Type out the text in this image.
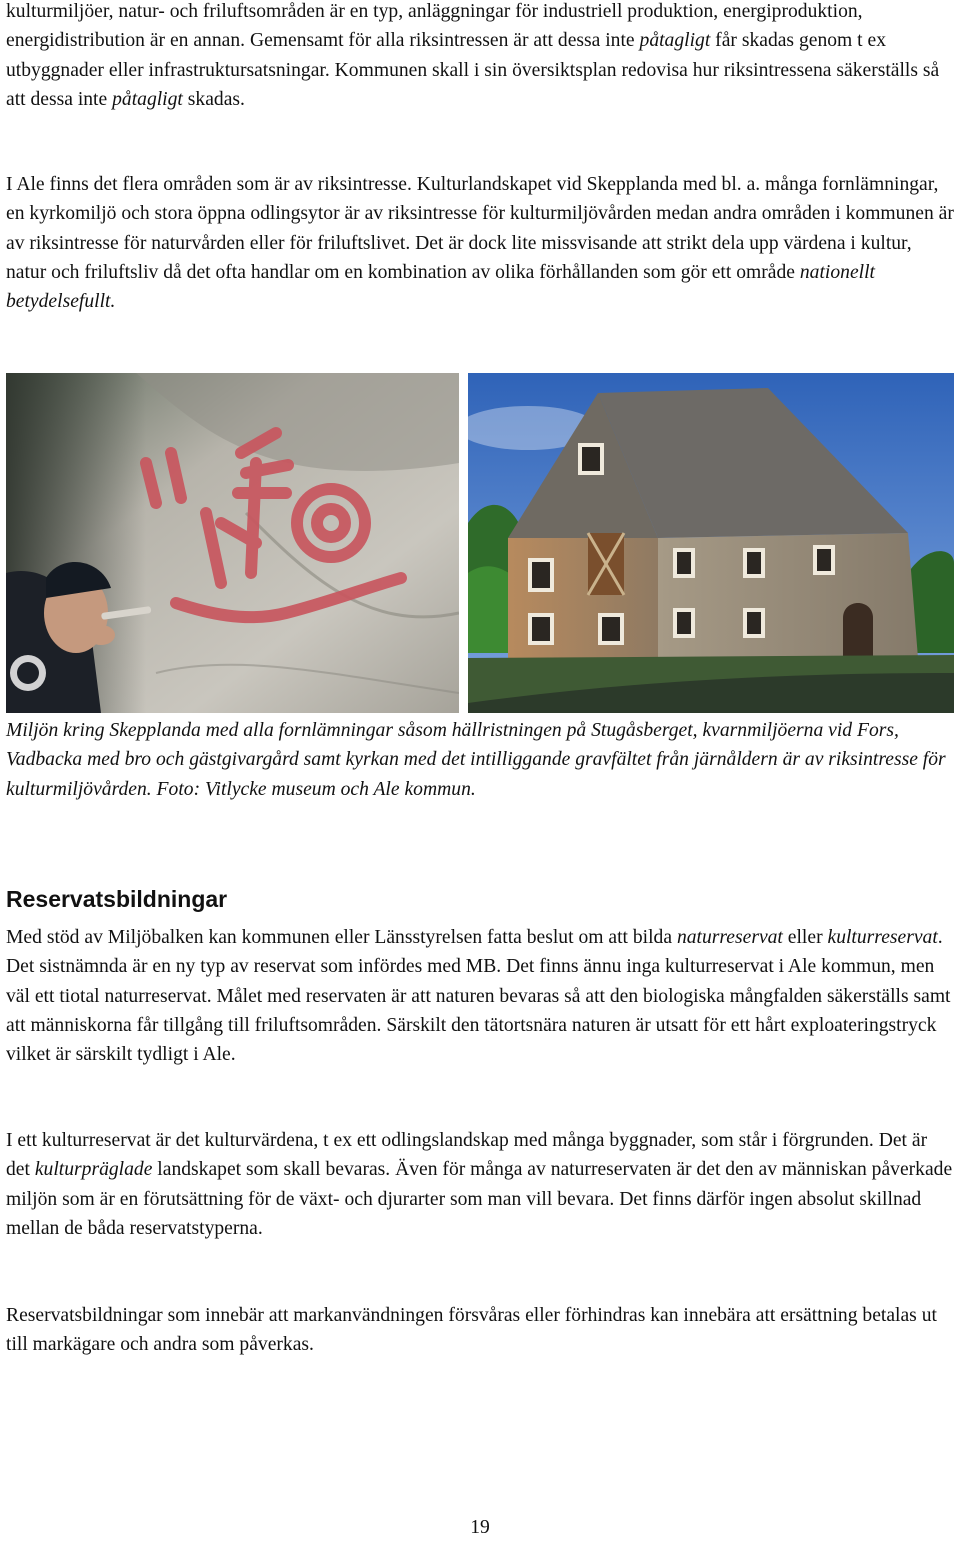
kulturmiljöer, natur- och friluftsområden är en typ, anläggningar för industriell produktion, energiproduktion, energidistribution är en annan. Gemensamt för alla riksintressen är att dessa inte påtagligt får skadas genom t ex utbyggnader eller infrastruktursatsningar. Kommunen skall i sin översiktsplan redovisa hur riksintressena säkerställs så att dessa inte påtagligt skadas.

I Ale finns det flera områden som är av riksintresse. Kulturlandskapet vid Skepplanda med bl. a. många fornlämningar, en kyrkomiljö och stora öppna odlingsytor är av riksintresse för kulturmiljövården medan andra områden i kommunen är av riksintresse för naturvården eller för friluftslivet. Det är dock lite missvisande att strikt dela upp värdena i kultur, natur och friluftsliv då det ofta handlar om en kombination av olika förhållanden som gör ett område nationellt betydelsefullt.

Miljön kring Skepplanda med alla fornlämningar såsom hällristningen på Stugåsberget, kvarnmiljöerna vid Fors, Vadbacka med bro och gästgivargård samt kyrkan med det intilliggande gravfältet från järnåldern är av riksintresse för kulturmiljövården. Foto: Vitlycke museum och Ale kommun.

Reservatsbildningar

Med stöd av Miljöbalken kan kommunen eller Länsstyrelsen fatta beslut om att bilda naturreservat eller kulturreservat. Det sistnämnda är en ny typ av reservat som infördes med MB. Det finns ännu inga kulturreservat i Ale kommun, men väl ett tiotal naturreservat. Målet med reservaten är att naturen bevaras så att den biologiska mångfalden säkerställs samt att människorna får tillgång till friluftsområden. Särskilt den tätortsnära naturen är utsatt för ett hårt exploateringstryck vilket är särskilt tydligt i Ale.

I ett kulturreservat är det kulturvärdena, t ex ett odlingslandskap med många byggnader, som står i förgrunden. Det är det kulturpräglade landskapet som skall bevaras. Även för många av naturreservaten är det den av människan påverkade miljön som är en förutsättning för de växt- och djurarter som man vill bevara. Det finns därför ingen absolut skillnad mellan de båda reservatstyperna.

Reservatsbildningar som innebär att markanvändningen försvåras eller förhindras kan innebära att ersättning betalas ut till markägare och andra som påverkas.

19
